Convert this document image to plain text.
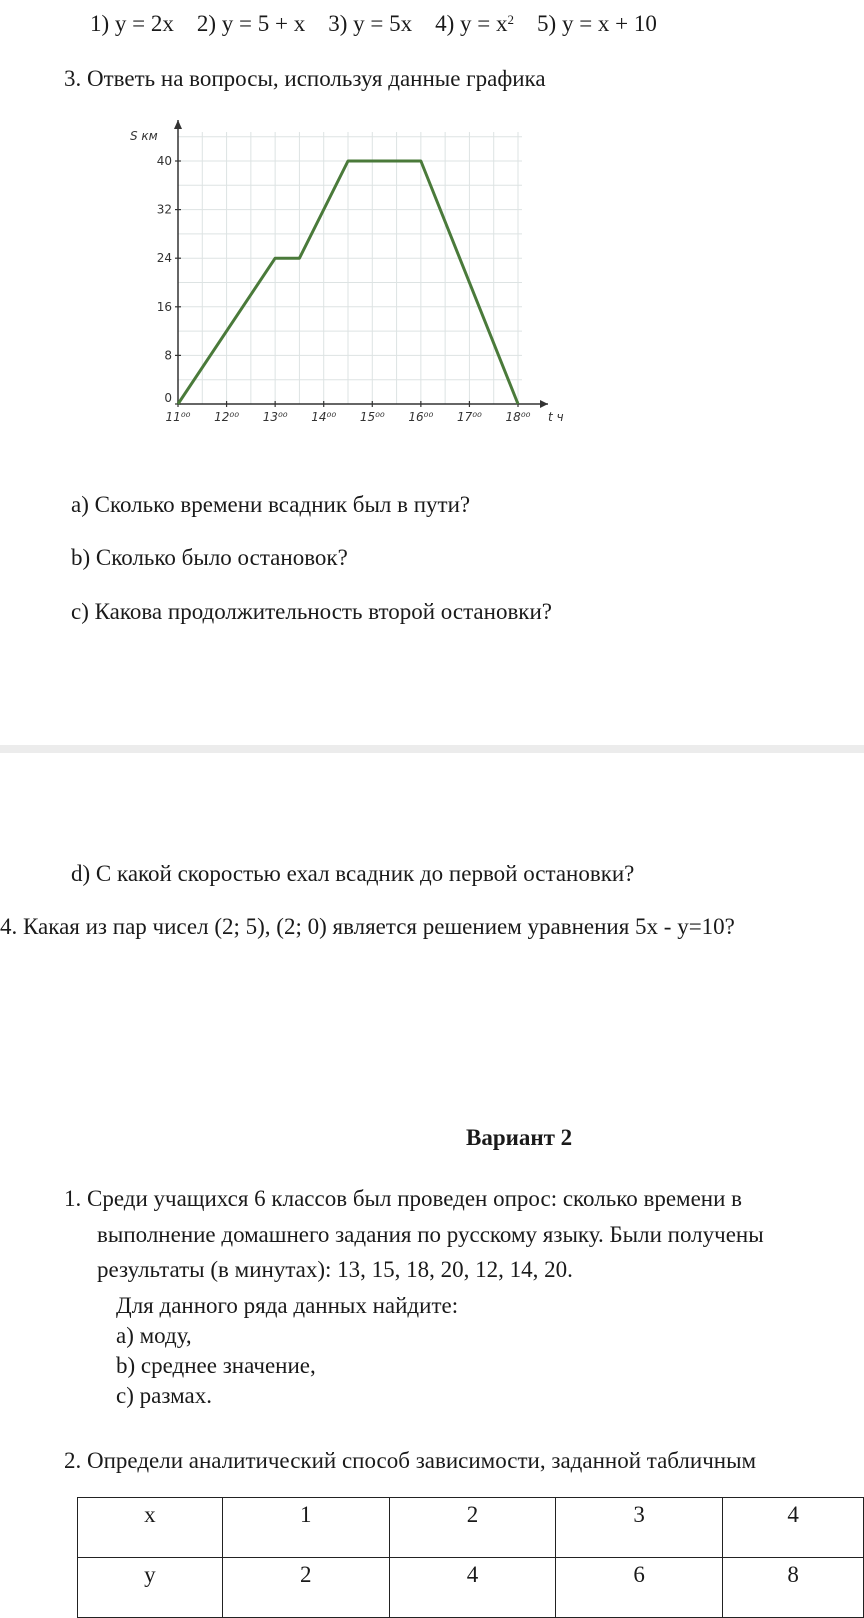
1) y = 2x 2) y = 5 + x 3) y = 5x 4) $y = x^2$ 5) y = x + 10
3. Ответь на вопросы, используя данные графика
11⁰⁰ 12⁰⁰ 13⁰⁰ 14⁰⁰ 15⁰⁰ 16⁰⁰ 17⁰⁰ 18⁰⁰
0
8
16
24
32
40
S км
t ч
a) Сколько времени всадник был в пути?
b) Сколько было остановок?
c) Какова продолжительность второй остановки?
d) С какой скоростью ехал всадник до первой остановки?
4. Какая из пар чисел (2; 5), (2; 0) является решением уравнения 5x - y=10?
Вариант 2
1. Среди учащихся 6 классов был проведен опрос: сколько времени в
выполнение домашнего задания по русскому языку. Были получены
результаты (в минутах): 13, 15, 18, 20, 12, 14, 20.
Для данного ряда данных найдите:
a) моду,
b) среднее значение,
c) размах.
2. Определи аналитический способ зависимости, заданной табличным
x	1	2	3	4
y	2	4	6	8
